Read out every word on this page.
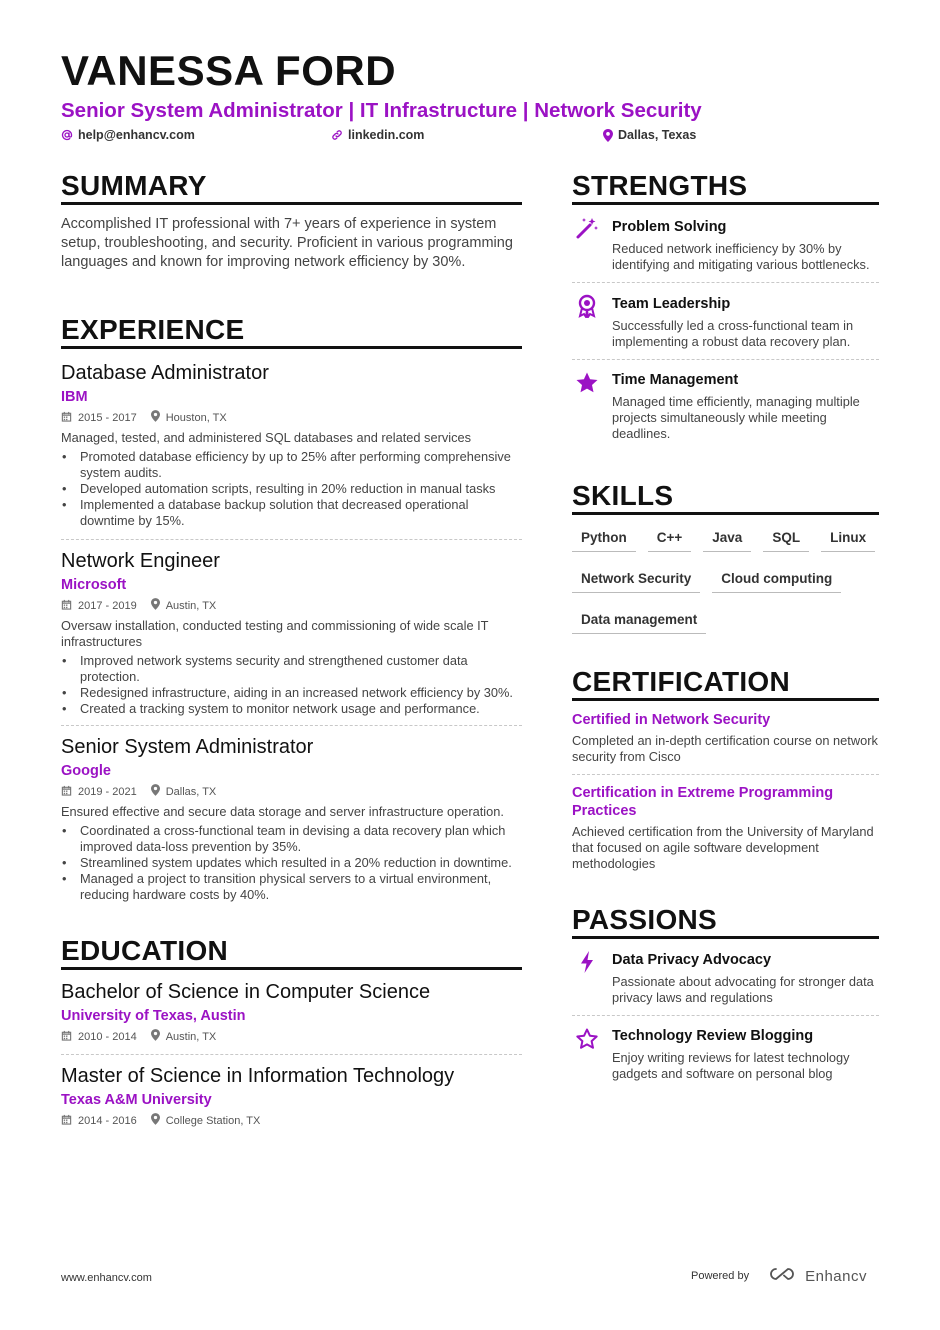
VANESSA FORD
Senior System Administrator | IT Infrastructure | Network Security
help@enhancv.com	linkedin.com	Dallas, Texas
SUMMARY
Accomplished IT professional with 7+ years of experience in system setup, troubleshooting, and security. Proficient in various programming languages and known for improving network efficiency by 30%.
EXPERIENCE
Database Administrator
IBM
2015 - 2017	Houston, TX
Managed, tested, and administered SQL databases and related services
• Promoted database efficiency by up to 25% after performing comprehensive system audits.
• Developed automation scripts, resulting in 20% reduction in manual tasks
• Implemented a database backup solution that decreased operational downtime by 15%.
Network Engineer
Microsoft
2017 - 2019	Austin, TX
Oversaw installation, conducted testing and commissioning of wide scale IT infrastructures
• Improved network systems security and strengthened customer data protection.
• Redesigned infrastructure, aiding in an increased network efficiency by 30%.
• Created a tracking system to monitor network usage and performance.
Senior System Administrator
Google
2019 - 2021	Dallas, TX
Ensured effective and secure data storage and server infrastructure operation.
• Coordinated a cross-functional team in devising a data recovery plan which improved data-loss prevention by 35%.
• Streamlined system updates which resulted in a 20% reduction in downtime.
• Managed a project to transition physical servers to a virtual environment, reducing hardware costs by 40%.
EDUCATION
Bachelor of Science in Computer Science
University of Texas, Austin
2010 - 2014	Austin, TX
Master of Science in Information Technology
Texas A&M University
2014 - 2016	College Station, TX
STRENGTHS
Problem Solving
Reduced network inefficiency by 30% by identifying and mitigating various bottlenecks.
Team Leadership
Successfully led a cross-functional team in implementing a robust data recovery plan.
Time Management
Managed time efficiently, managing multiple projects simultaneously while meeting deadlines.
SKILLS
Python	C++	Java	SQL	Linux
Network Security	Cloud computing
Data management
CERTIFICATION
Certified in Network Security
Completed an in-depth certification course on network security from Cisco
Certification in Extreme Programming Practices
Achieved certification from the University of Maryland that focused on agile software development methodologies
PASSIONS
Data Privacy Advocacy
Passionate about advocating for stronger data privacy laws and regulations
Technology Review Blogging
Enjoy writing reviews for latest technology gadgets and software on personal blog
www.enhancv.com	Powered by	Enhancv
